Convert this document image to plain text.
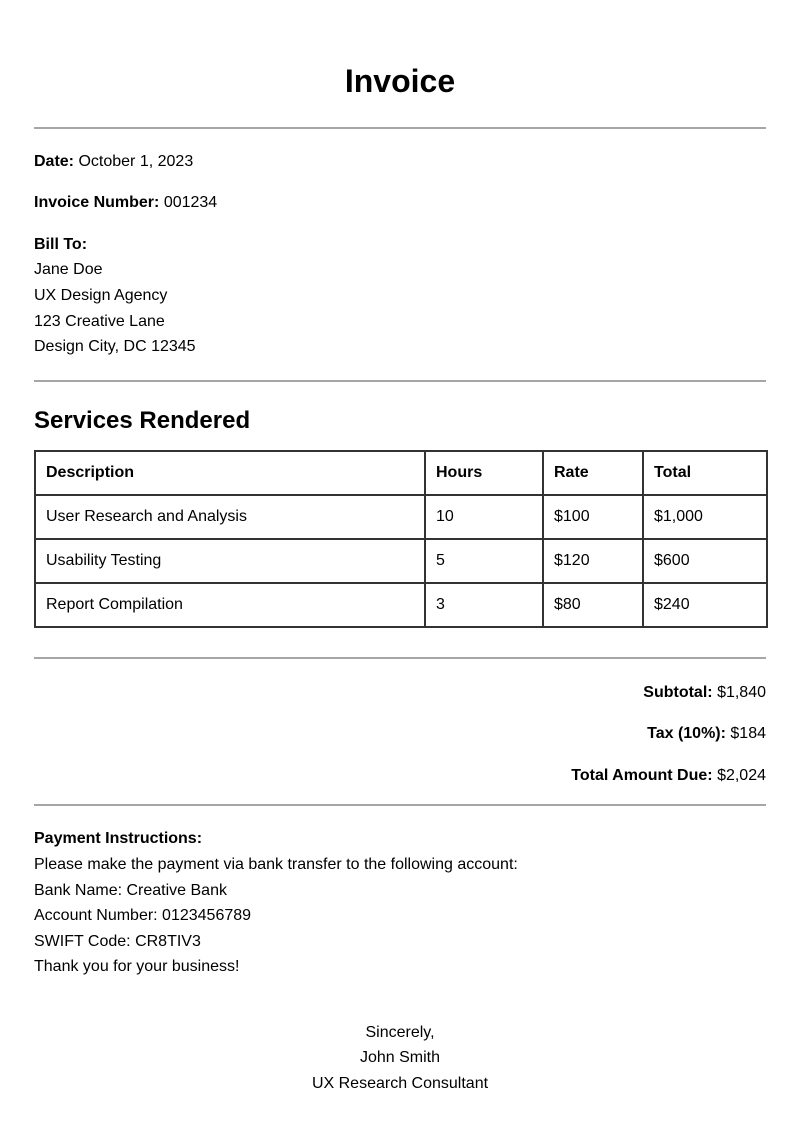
Invoice
Date: October 1, 2023
Invoice Number: 001234
Bill To:
Jane Doe
UX Design Agency
123 Creative Lane
Design City, DC 12345
Services Rendered
Description	Hours	Rate	Total
User Research and Analysis	10	$100	$1,000
Usability Testing	5	$120	$600
Report Compilation	3	$80	$240
Subtotal: $1,840
Tax (10%): $184
Total Amount Due: $2,024
Payment Instructions:
Please make the payment via bank transfer to the following account:
Bank Name: Creative Bank
Account Number: 0123456789
SWIFT Code: CR8TIV3
Thank you for your business!
Sincerely,
John Smith
UX Research Consultant
